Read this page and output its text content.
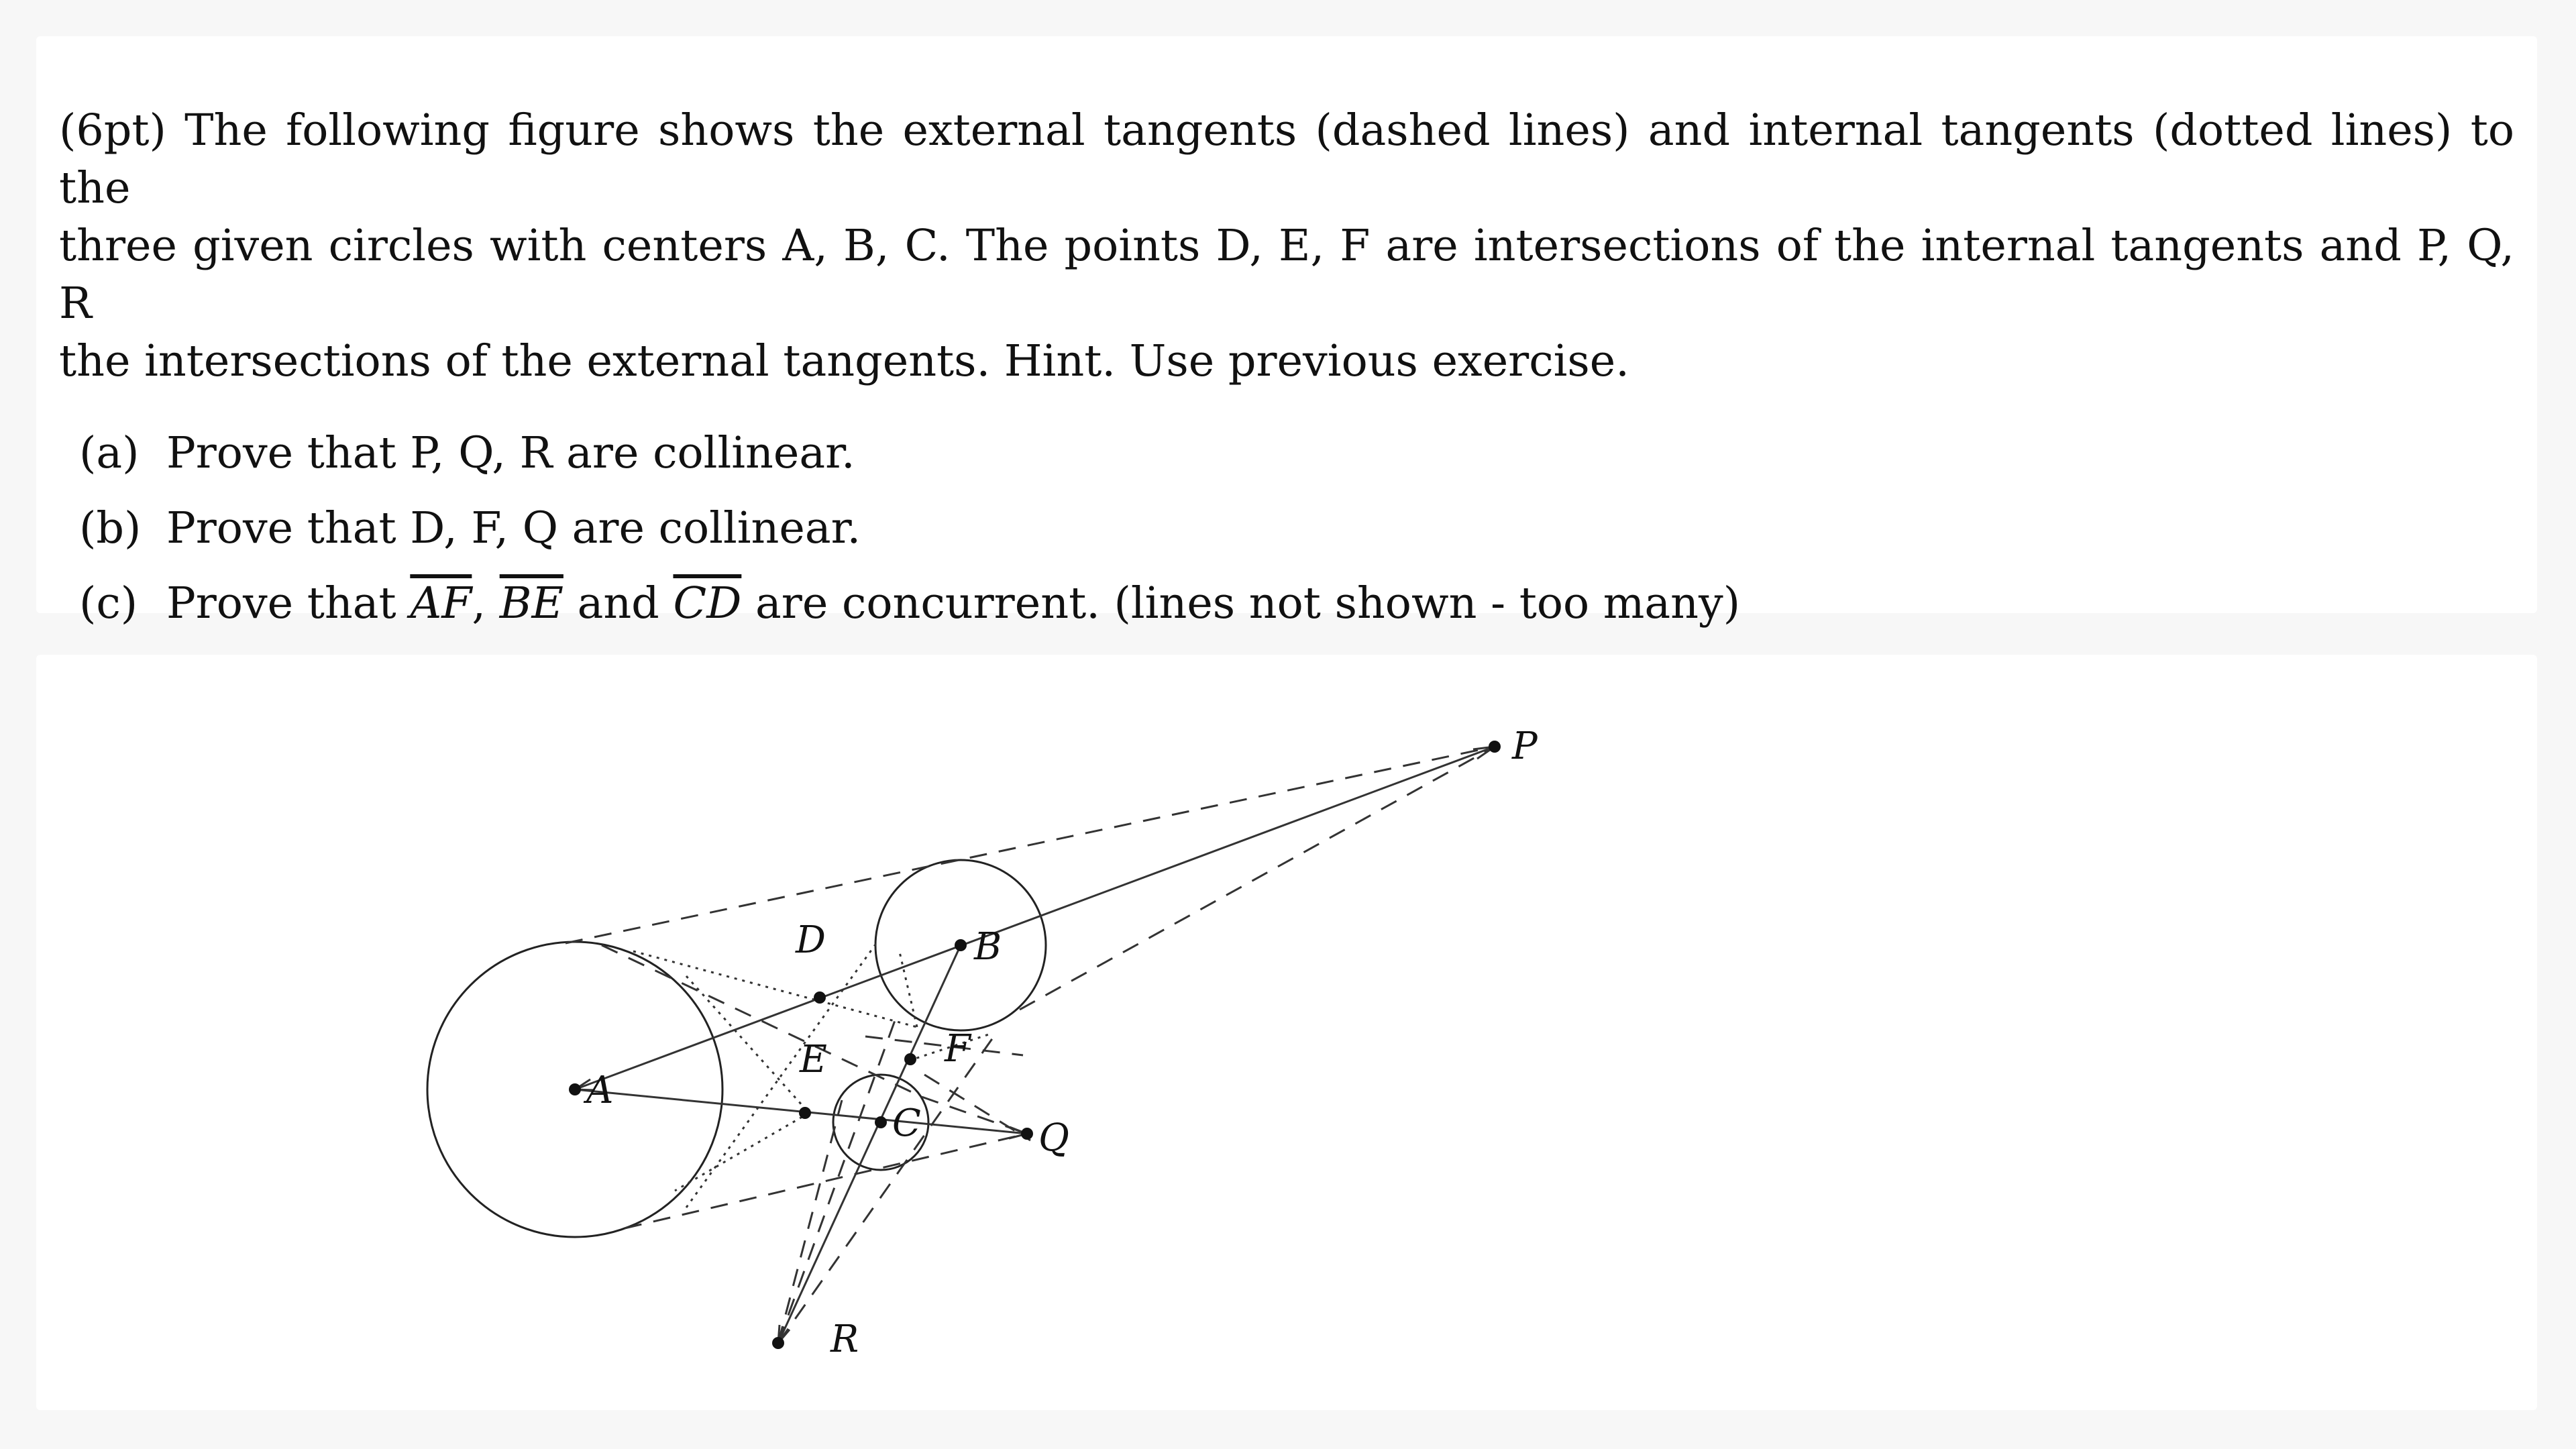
(6pt) The following figure shows the external tangents (dashed lines) and internal tangents (dotted lines) to the
three given circles with centers A, B, C. The points D, E, F are intersections of the internal tangents and P, Q, R
the intersections of the external tangents. Hint. Use previous exercise.

(a) Prove that P, Q, R are collinear.
(b) Prove that D, F, Q are collinear.
(c) Prove that $\overline{AF}$, $\overline{BE}$ and $\overline{CD}$ are concurrent. (lines not shown - too many)
A
B
C
D
E	F
P
Q
R
